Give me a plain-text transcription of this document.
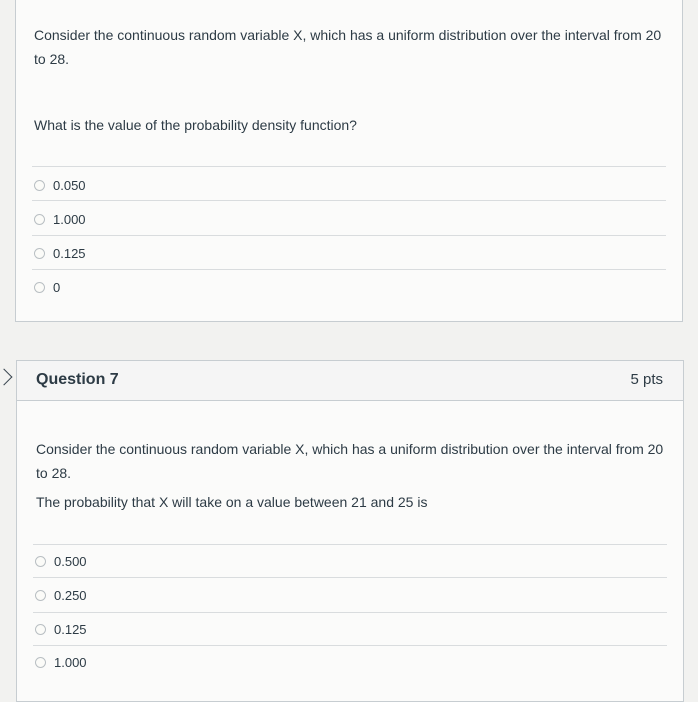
Consider the continuous random variable X, which has a uniform distribution over the interval from 20 to 28.
What is the value of the probability density function?
0.050
1.000
0.125
0
Question 7	5 pts
Consider the continuous random variable X, which has a uniform distribution over the interval from 20 to 28.
The probability that X will take on a value between 21 and 25 is
0.500
0.250
0.125
1.000
